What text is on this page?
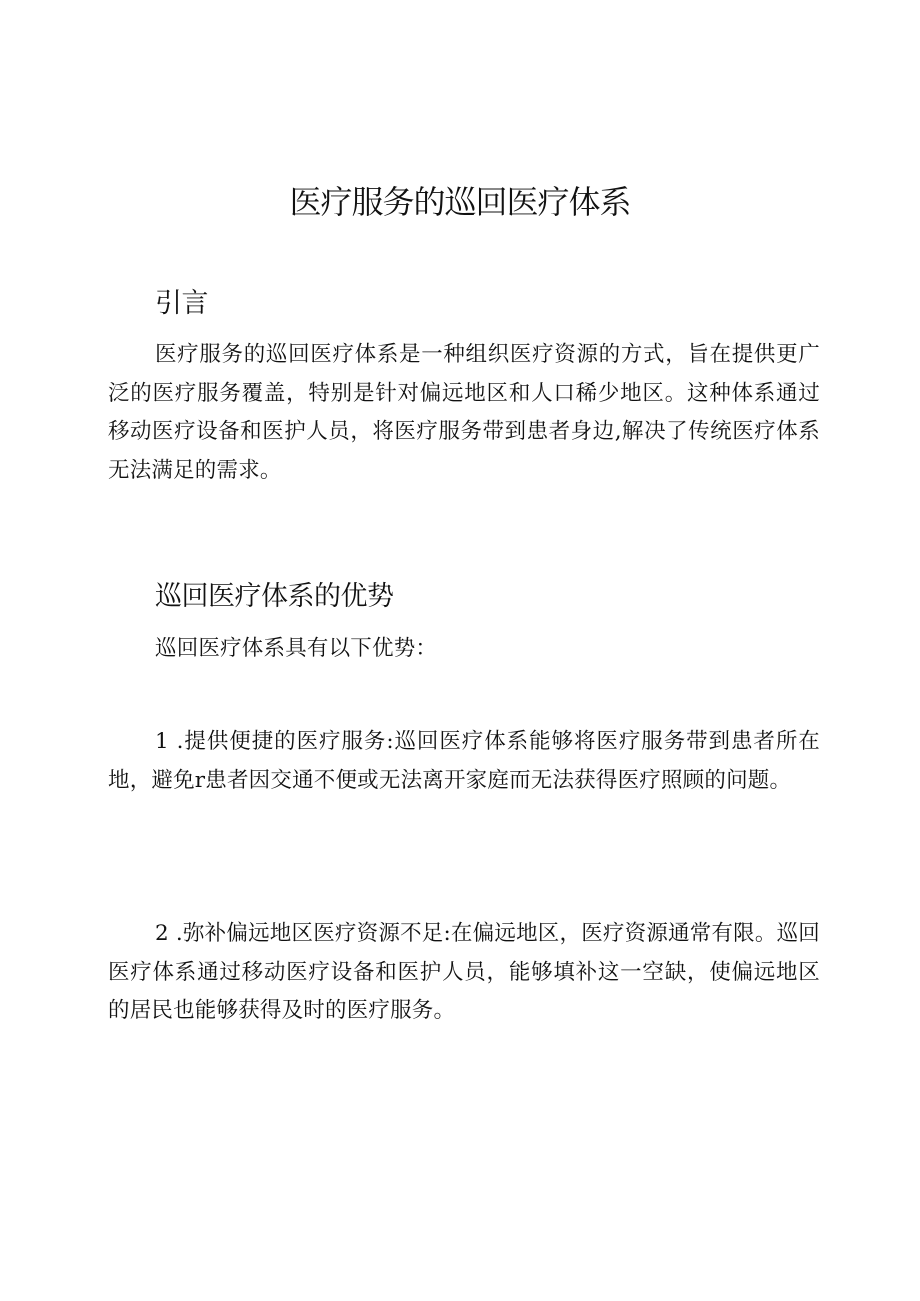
医疗服务的巡回医疗体系
引言

医疗服务的巡回医疗体系是一种组织医疗资源的方式，旨在提供更广泛的医疗服务覆盖，特别是针对偏远地区和人口稀少地区。这种体系通过移动医疗设备和医护人员，将医疗服务带到患者身边,解决了传统医疗体系无法满足的需求。

巡回医疗体系的优势

巡回医疗体系具有以下优势：

1 .提供便捷的医疗服务:巡回医疗体系能够将医疗服务带到患者所在地，避免r患者因交通不便或无法离开家庭而无法获得医疗照顾的问题。

2 .弥补偏远地区医疗资源不足:在偏远地区，医疗资源通常有限。巡回医疗体系通过移动医疗设备和医护人员，能够填补这一空缺，使偏远地区的居民也能够获得及时的医疗服务。
